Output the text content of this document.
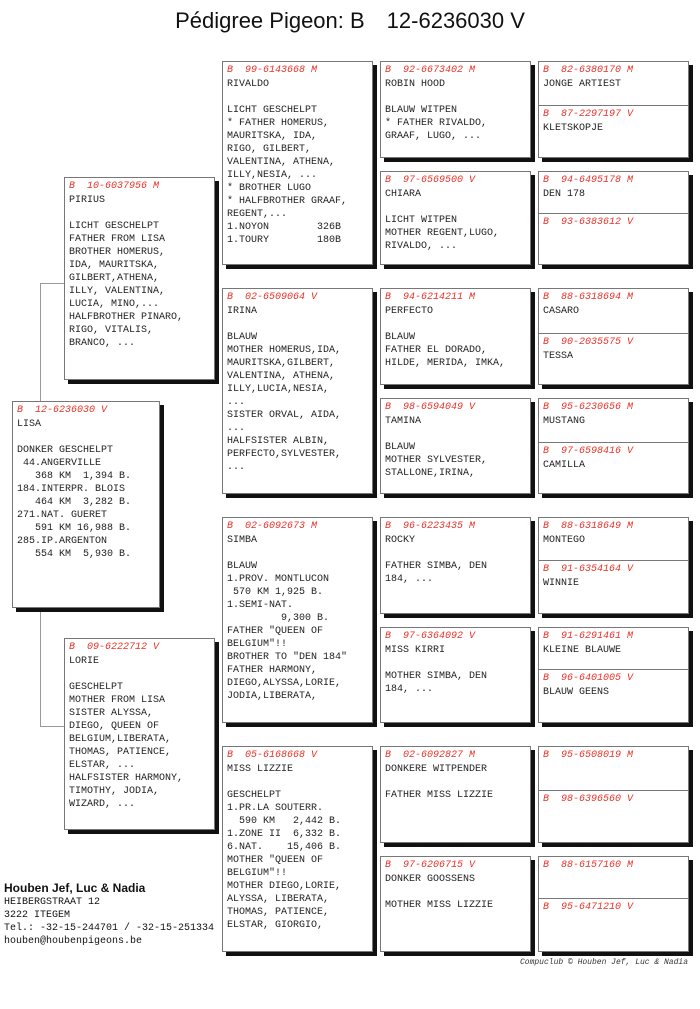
Pédigree Pigeon: B 12-6236030 V
B  12-6236030 V
LISA
DONKER GESCHELPT
44.ANGERVILLE
368 KM  1,394 B.
184.INTERPR. BLOIS
464 KM  3,282 B.
271.NAT. GUERET
591 KM 16,988 B.
285.IP.ARGENTON
554 KM  5,930 B.
B  10-6037956 M
PIRIUS
LICHT GESCHELPT
FATHER FROM LISA
BROTHER HOMERUS,
IDA, MAURITSKA,
GILBERT,ATHENA,
ILLY, VALENTINA,
LUCIA, MINO,...
HALFBROTHER PINARO,
RIGO, VITALIS,
BRANCO, ...
B  09-6222712 V
LORIE
GESCHELPT
MOTHER FROM LISA
SISTER ALYSSA,
DIEGO, QUEEN OF
BELGIUM,LIBERATA,
THOMAS, PATIENCE,
ELSTAR, ...
HALFSISTER HARMONY,
TIMOTHY, JODIA,
WIZARD, ...
B  99-6143668 M
RIVALDO
LICHT GESCHELPT
* FATHER HOMERUS,
MAURITSKA, IDA,
RIGO, GILBERT,
VALENTINA, ATHENA,
ILLY,NESIA, ...
* BROTHER LUGO
* HALFBROTHER GRAAF,
REGENT,...
1.NOYON        326B
1.TOURY        180B
B  02-6509064 V
IRINA
BLAUW
MOTHER HOMERUS,IDA,
MAURITSKA,GILBERT,
VALENTINA, ATHENA,
ILLY,LUCIA,NESIA,
...
SISTER ORVAL, AIDA,
...
HALFSISTER ALBIN,
PERFECTO,SYLVESTER,
...
B  02-6092673 M
SIMBA
BLAUW
1.PROV. MONTLUCON
570 KM 1,925 B.
1.SEMI-NAT.
9,300 B.
FATHER "QUEEN OF
BELGIUM"!!
BROTHER TO "DEN 184"
FATHER HARMONY,
DIEGO,ALYSSA,LORIE,
JODIA,LIBERATA,
B  05-6168668 V
MISS LIZZIE
GESCHELPT
1.PR.LA SOUTERR.
590 KM   2,442 B.
1.ZONE II  6,332 B.
6.NAT.    15,406 B.
MOTHER "QUEEN OF
BELGIUM"!!
MOTHER DIEGO,LORIE,
ALYSSA, LIBERATA,
THOMAS, PATIENCE,
ELSTAR, GIORGIO,
B  92-6673402 M
ROBIN HOOD
BLAUW WITPEN
* FATHER RIVALDO,
GRAAF, LUGO, ...
B  97-6569500 V
CHIARA
LICHT WITPEN
MOTHER REGENT,LUGO,
RIVALDO, ...
B  94-6214211 M
PERFECTO
BLAUW
FATHER EL DORADO,
HILDE, MERIDA, IMKA,
B  98-6594049 V
TAMINA
BLAUW
MOTHER SYLVESTER,
STALLONE,IRINA,
B  96-6223435 M
ROCKY
FATHER SIMBA, DEN
184, ...
B  97-6364092 V
MISS KIRRI
MOTHER SIMBA, DEN
184, ...
B  02-6092827 M
DONKERE WITPENDER
FATHER MISS LIZZIE
B  97-6206715 V
DONKER GOOSSENS
MOTHER MISS LIZZIE
B  82-6380170 M
JONGE ARTIEST
B  87-2297197 V
KLETSKOPJE
B  94-6495178 M
DEN 178
B  93-6383612 V
B  88-6318694 M
CASARO
B  90-2035575 V
TESSA
B  95-6230656 M
MUSTANG
B  97-6598416 V
CAMILLA
B  88-6318649 M
MONTEGO
B  91-6354164 V
WINNIE
B  91-6291461 M
KLEINE BLAUWE
B  96-6401005 V
BLAUW GEENS
B  95-6508019 M
B  98-6396560 V
B  88-6157160 M
B  95-6471210 V
Houben Jef, Luc & Nadia
HEIBERGSTRAAT 12
3222 ITEGEM
Tel.: -32-15-244701 / -32-15-251334
houben@houbenpigeons.be
Compuclub © Houben Jef, Luc & Nadia
